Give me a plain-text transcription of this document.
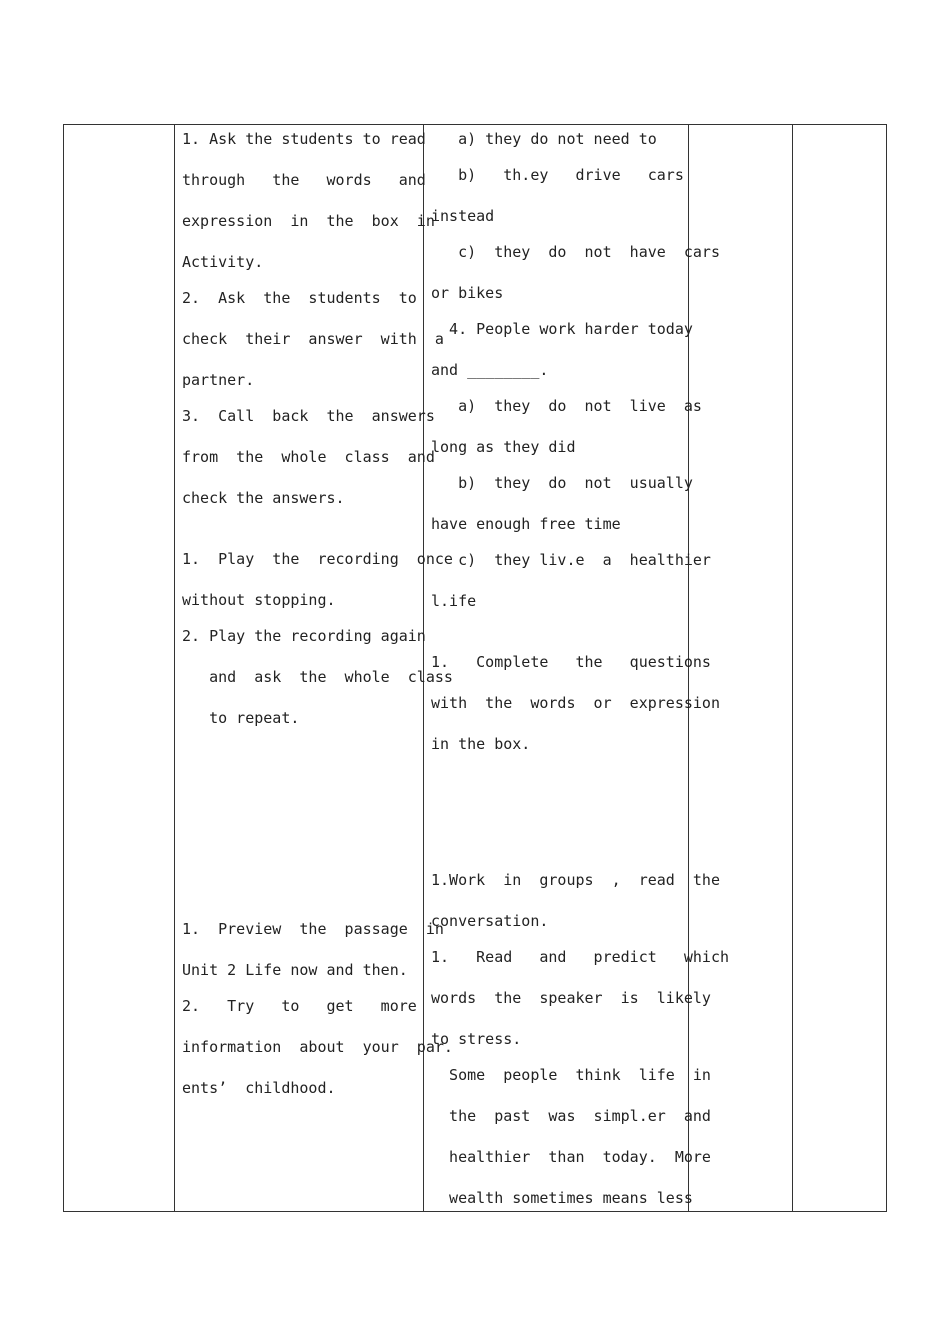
1. Ask the students to read
through   the   words   and
expression  in  the  box  in
Activity.
2.  Ask  the  students  to
check  their  answer  with  a
partner.
3.  Call  back  the  answers
from  the  whole  class  and
check the answers.
1.  Play  the  recording  once
without stopping.
2. Play the recording again
and  ask  the  whole  class
to repeat.
1.  Preview  the  passage  in
Unit 2 Life now and then.
2.   Try   to   get   more
information  about  your  par.
ents’  childhood.
a) they do not need to
b)   th.ey   drive   cars
instead
c)  they  do  not  have  cars
or bikes
4. People work harder today
and ________.
a)  they  do  not  live  as
long as they did
b)  they  do  not  usually
have enough free time
c)  they liv.e  a  healthier
l.ife
1.   Complete   the   questions
with  the  words  or  expression
in the box.
1.Work  in  groups  ,  read  the
conversation.
1.   Read   and   predict   which
words  the  speaker  is  likely
to stress.
Some  people  think  life  in
the  past  was  simpl.er  and
healthier  than  today.  More
wealth sometimes means less
